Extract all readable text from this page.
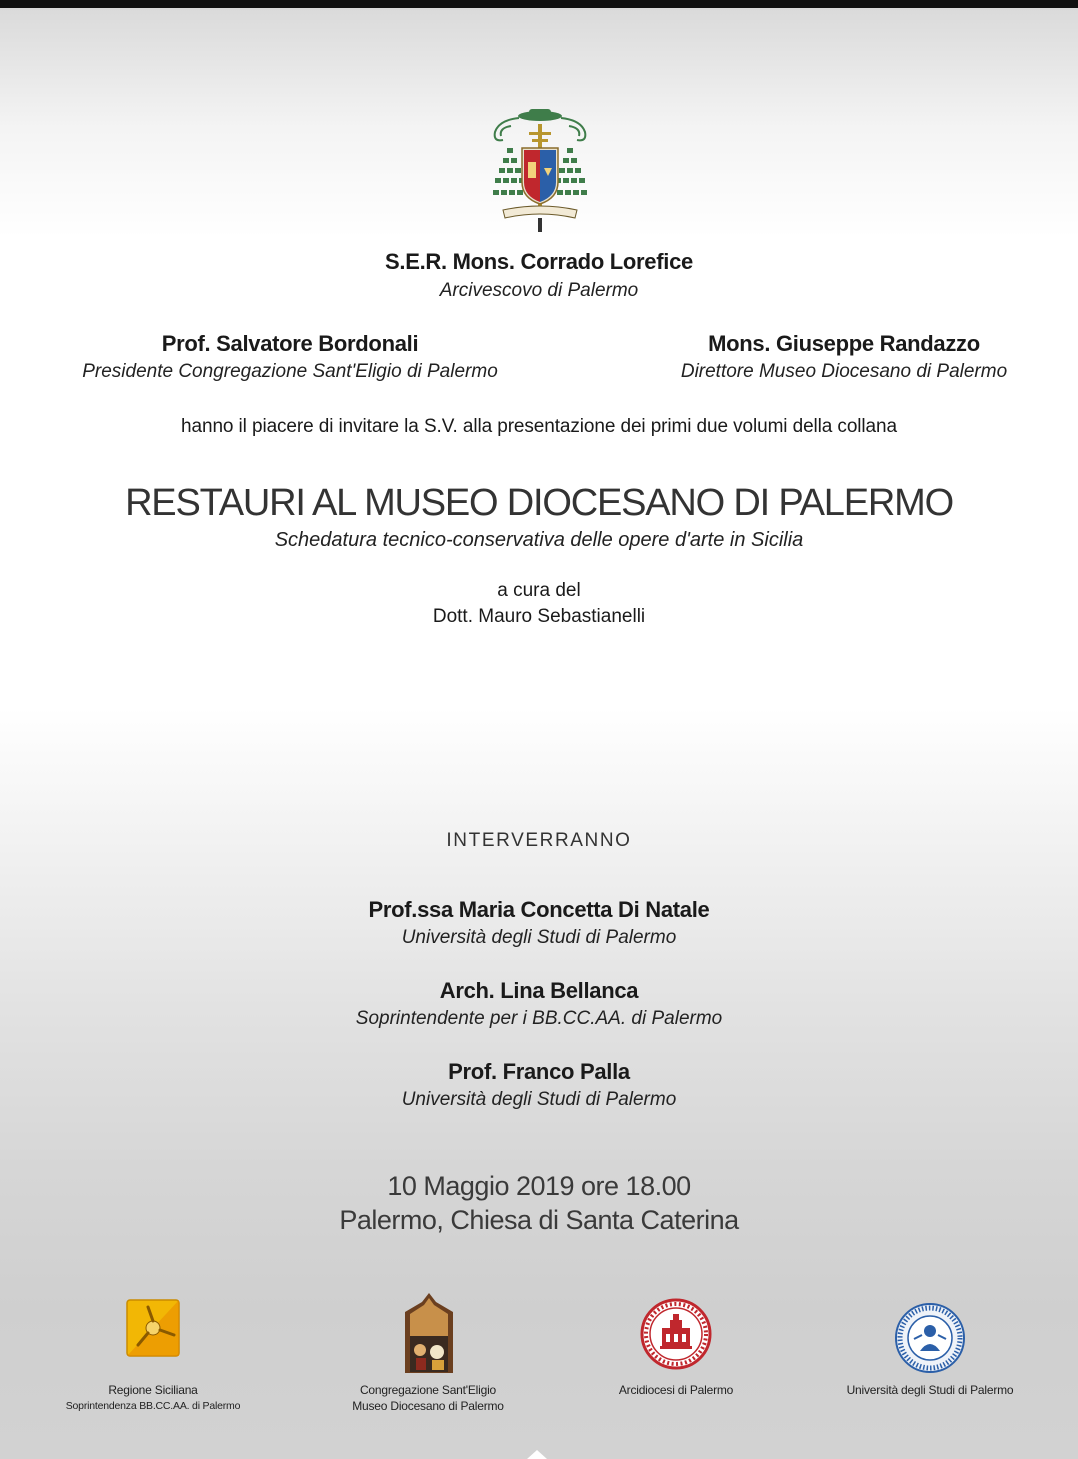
S.E.R. Mons. Corrado Lorefice
Arcivescovo di Palermo
Prof. Salvatore Bordonali
Presidente Congregazione Sant'Eligio di Palermo
Mons. Giuseppe Randazzo
Direttore Museo Diocesano di Palermo
hanno il piacere di invitare la S.V. alla presentazione dei primi due volumi della collana
RESTAURI AL MUSEO DIOCESANO DI PALERMO
Schedatura tecnico-conservativa delle opere d'arte in Sicilia
a cura del
Dott. Mauro Sebastianelli
INTERVERRANNO
Prof.ssa Maria Concetta Di Natale
Università degli Studi di Palermo
Arch. Lina Bellanca
Soprintendente per i BB.CC.AA. di Palermo
Prof. Franco Palla
Università degli Studi di Palermo
10 Maggio 2019 ore 18.00
Palermo, Chiesa di Santa Caterina
Regione Siciliana
Soprintendenza BB.CC.AA. di Palermo
Congregazione Sant'Eligio
Museo Diocesano di Palermo
Arcidiocesi di Palermo	Università degli Studi di Palermo
